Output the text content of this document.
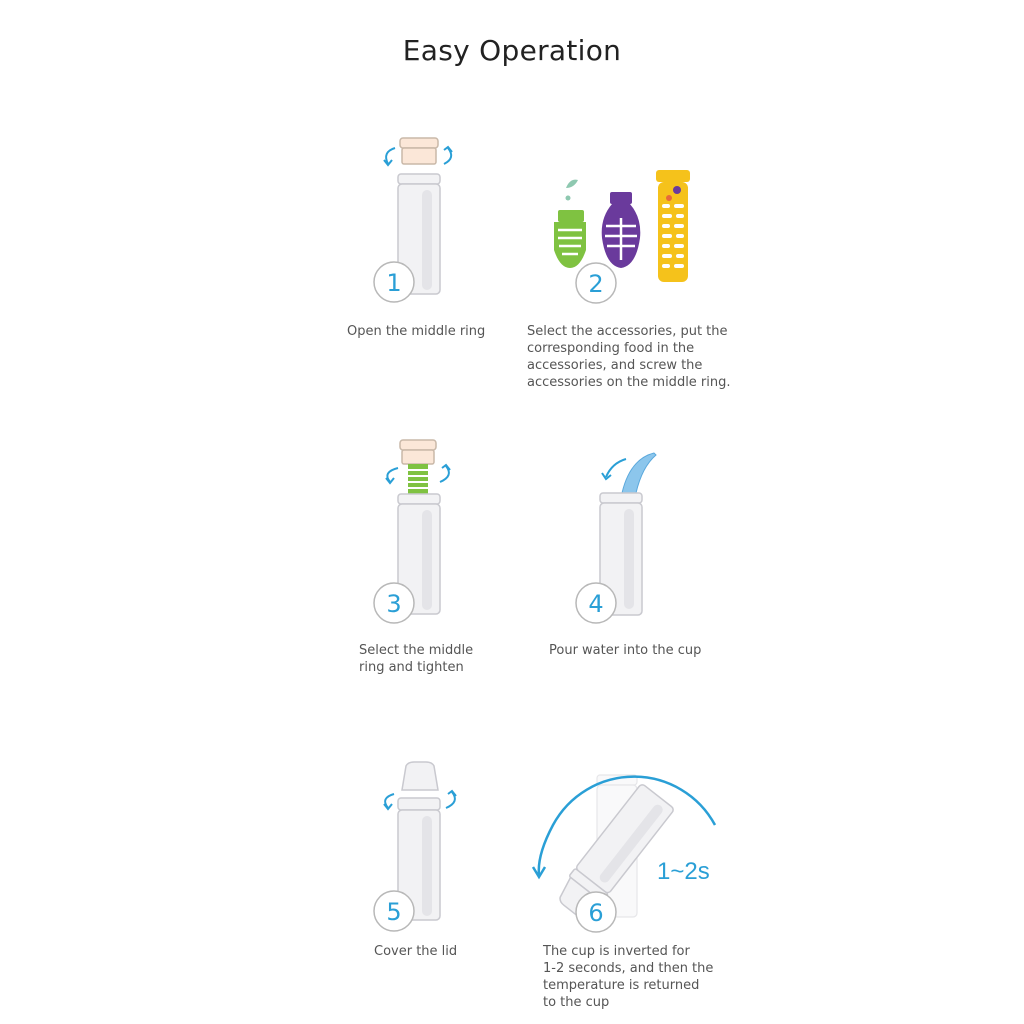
Easy Operation
1
Open the middle ring
2
Select the accessories, put the
corresponding food in the
accessories, and screw the
accessories on the middle ring.
3
Select the middle
ring and tighten
4
Pour water into the cup
5
Cover the lid
1~2s
6
The cup is inverted for
1-2 seconds, and then the
temperature is returned
to the cup
